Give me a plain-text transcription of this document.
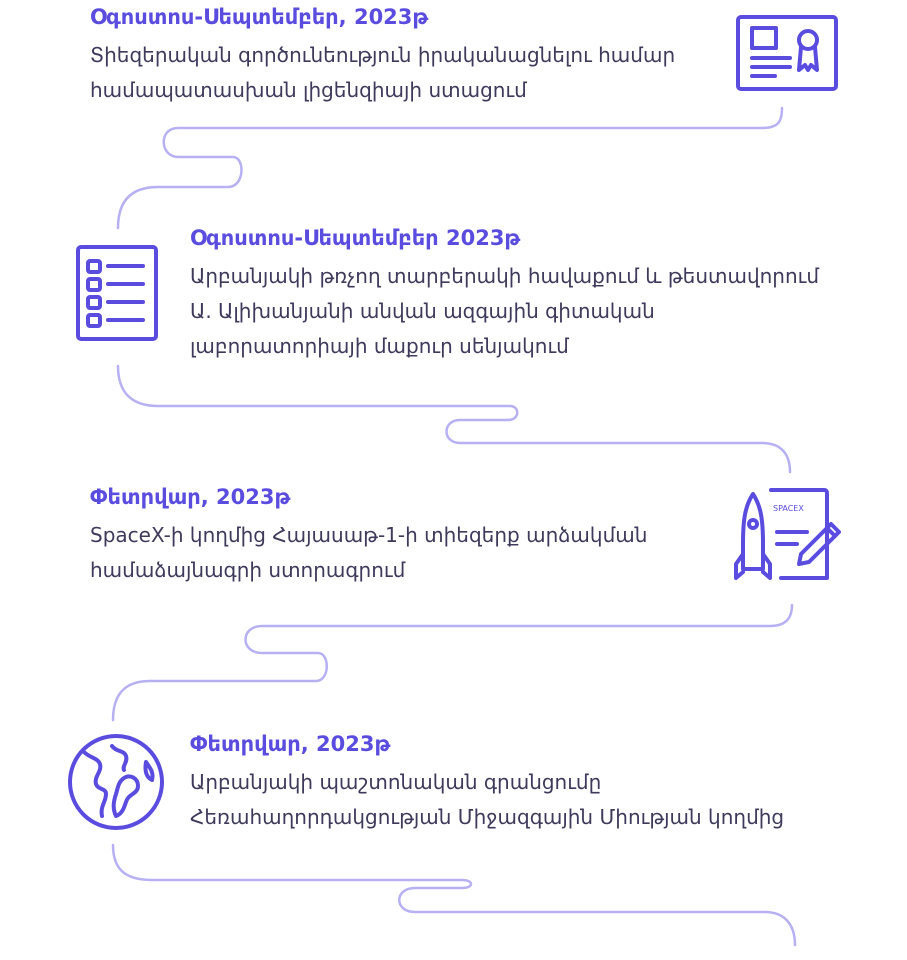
Օգոստոս-Սեպտեմբեր, 2023թ

Տիեզերական գործունեություն իրականացնելու համար
համապատասխան լիցենզիայի ստացում

Օգոստոս-Սեպտեմբեր 2023թ

Արբանյակի թռչող տարբերակի հավաքում և թեստավորում
Ա. Ալիխանյանի անվան ազգային գիտական
լաբորատորիայի մաքուր սենյակում

Փետրվար, 2023թ

SpaceX-ի կողմից Հայասաթ-1-ի տիեզերք արձակման
համաձայնագրի ստորագրում

SPACEX

Փետրվար, 2023թ

Արբանյակի պաշտոնական գրանցումը
Հեռահաղորդակցության Միջազգային Միության կողմից
